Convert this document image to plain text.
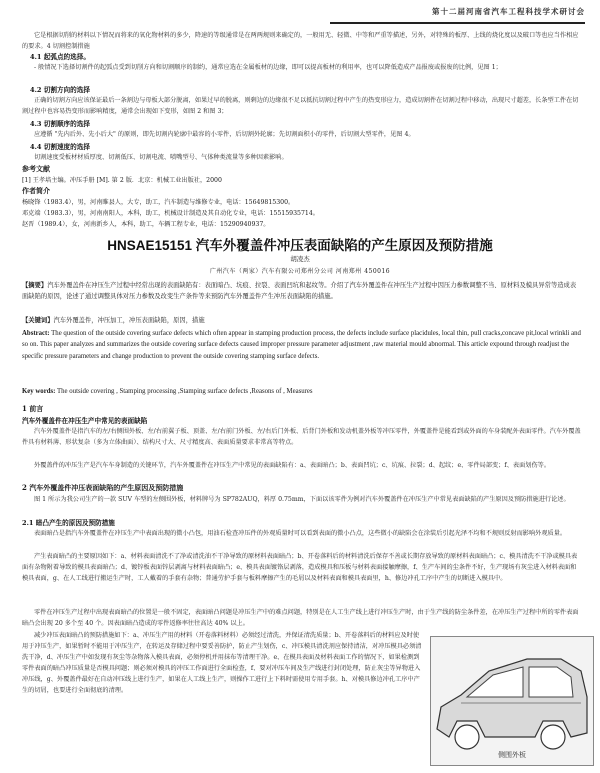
第十二届河南省汽车工程科技学术研讨会

它是根据切削的材料以下情况而将来的氧化物材料的多少，降速的等级通常是在两两规则来确定的，一般用无、轻微、中等和严重等描述，另外，对特殊的板厚、上线的烧化度以及破口等也应当作相应的要求。4 切割控制措施

4.1 起弧点的选择。

- 般情况下选择切割件的起弧点受到切削方向和切割顺序的制约，通常应选在金属板材的边缘，即可以提高板材的利用率，也可以降低造成产品报废或报废的比例，见图 1；

4.2 切割方向的选择

正确的切割方向应该保证最后一条割边与母板大部分脱离，如果过早的脱离，则剩边的边缘很不足以抵抗切割过程中产生的热变形应力，造成切割件在切割过程中移动，出现尺寸超差，长条型工件在切割过程中也容易热变形而影响精度，通常会出现如下变形，如图 2 和图 3；

4.3 切割顺序的选择

应遵循 "先内后外、先小后大" 的原则，即先切割内轮廓中最容的小零件，后切割外轮廓；先切割面积小的零件，后切割大型零件，见图 4。

4.4 切割速度的选择

切割速度受板材材质厚度、切割低压、切割电流、喷嘴型号、气体种类流量等多种因素影响。

参考文献
[1] 王孝培主编。冲压手册 [M]. 第 2 版．北京：机械工业出版社，2000
作者简介
杨晓锋（1983.4），男，河南睢县人，大专，助工，汽车制造与维修专业，电话：15649815300。
邓克端（1983.3），男，河南南阳人，本科，助工，机械设计制造及其自动化专业，电话：15515935714。
赵晋（1989.4），女，河南新乡人，本科，助工，车辆工程专业，电话：15290940937。
HNSAE15151 汽车外覆盖件冲压表面缺陷的产生原因及预防措施
胡凌杰
广州汽车（两家）汽车有限公司郑州分公司 河南郑州 450016
【摘要】汽车外覆盖件在冲压生产过程中经常出现的表面缺陷有：表面暗凸、坑痕、拉裂、表面凹坑和起纹等。介绍了汽车外覆盖件在冲压生产过程中因压力参数调整不当、原材料及模具异常等造成表面缺陷的原因，论述了通过调整具体对压力参数及改变生产条件等来预防汽车外覆盖件产生冲压表面缺陷的措施。
【关键词】汽车外覆盖件，冲压加工，冲压表面缺陷，原因，措施
Abstract: The question of the outside covering surface defects which often appear in stamping production process, the defects include surface placidules, local thin, pull cracks,concave pit,local wrinkli and so on. This paper analyzes and summarizes the outside covering surface defects caused improper pressure parameter adjustment ,raw material mould abnormal. This article expound through readjust the specific pressure parameters and change production to prevent the outside covering stamping surface defects.
Key words: The outside covering , Stamping processing ,Stamping surface defects ,Reasons of , Measures
1 前言
汽车外覆盖件在冲压生产中常见的表面缺陷

汽车外覆盖件是指汽车的左/右侧围外板、左/右前翼子板、顶盖、左/右前门外板、左/右后门外板、后背门外板和发动机盖外板等冲压零件，外覆盖件是能看到或外面的车身装配外表面零件。汽车外覆盖件具有材料薄、形状复杂（多为立体曲面）、结构尺寸大、尺寸精度高、表面质量要求非常高等特点。

外覆盖件的冲压生产是汽车车身制造的关键环节，汽车外覆盖件在冲压生产中常见的表面缺陷有：a、表面暗凸；b、表面凹坑；c、坑痕、拉裂；d、起纹；e、零件局部变；f、表面划伤等。

2 汽车外覆盖件冲压表面缺陷的产生原因及预防措施

图 1 所示为我公司生产的一款 SUV 车型的左侧围外板，材料牌号为 SP782AUQ，料厚 0.75mm，下面以该零件为例对汽车外覆盖件在冲压生产中常见表面缺陷的产生原因及预防措施进行论述。

2.1 暗凸产生的原因及预防措施

表面暗凸是指汽车外覆盖件在冲压生产中表面出现的微小凸包，用油石检查冲压件的外观质量时可以看到表面的微小凸点，这些微小的缺陷会在涂装后引起光泽不均和不规则反射而影响外观质量。

产生表面暗凸的主要原因如下：a、材料表面清洗不了净或清洗油不干净导致的原材料表面暗凸；b、开卷落料后的材料清洗后保存不善或长期存放导致的原材料表面暗凸；c、模具清洗不干净或模具表面有杂物附着导致的模具表面暗凸；d、镀锌板表面锌层剥离与材料表面暗凸；e、模具表面镀铬层剥落，造成模具和压板与材料表面接触摩擦，f、生产车间的尘条件不好，生产现场有灰尘进入材料表面和模具表面，g、在人工线进行搬运生产时，工人戴着的手套有杂物；普通劳护手套与板料摩擦产生的毛屑以及材料表面和模具表面里，h、修边冲孔工序中产生的切断进入模具中。

零件在冲压生产过程中出现表面暗凸的位置是一般不固定，表面暗凸问题是冲压生产中的难点问题，特别是在人工生产线上进行冲压生产时，由于生产线的防尘条件差，在冲压生产过程中所的零件表面暗凸会出现 20 多个至 40 个。因表面暗凸造成的零件返修率往往高达 40% 以上。

减少冲压表面暗凸的预防措施如下：a、冲压生产用的材料（开卷落料材料）必须经过清洗，并保证清洗质量；b、开卷落料后的材料应及时使用于冲压生产，如果暂时不能用于冲压生产，在转运及存储过程中要妥善防护，防止产生划伤，c、冲压模具清洗剂应保持清洁，对冲压模具必须清洗干净，d、冲压生产中如发现有灰尘等杂物落入模具表面，必须停机并用抹布等清理干净。e、在模具表面及材料表面工作的情况下，如果检测到零件表面的暗凸冲压质量是否模具问题；则必须对模具的冲压工作面进行全面检查，f、要对冲压车间及生产线进行封闭处理，防止灰尘等异物进入冲压线，g、外覆盖件最好在自动冲压线上进行生产，如果在人工线上生产，则操作工进行上下料时需使用专用手套。h、对模具修边冲孔工序中产生的切屑，也要进行全面彻底的清理。

侧围外板
